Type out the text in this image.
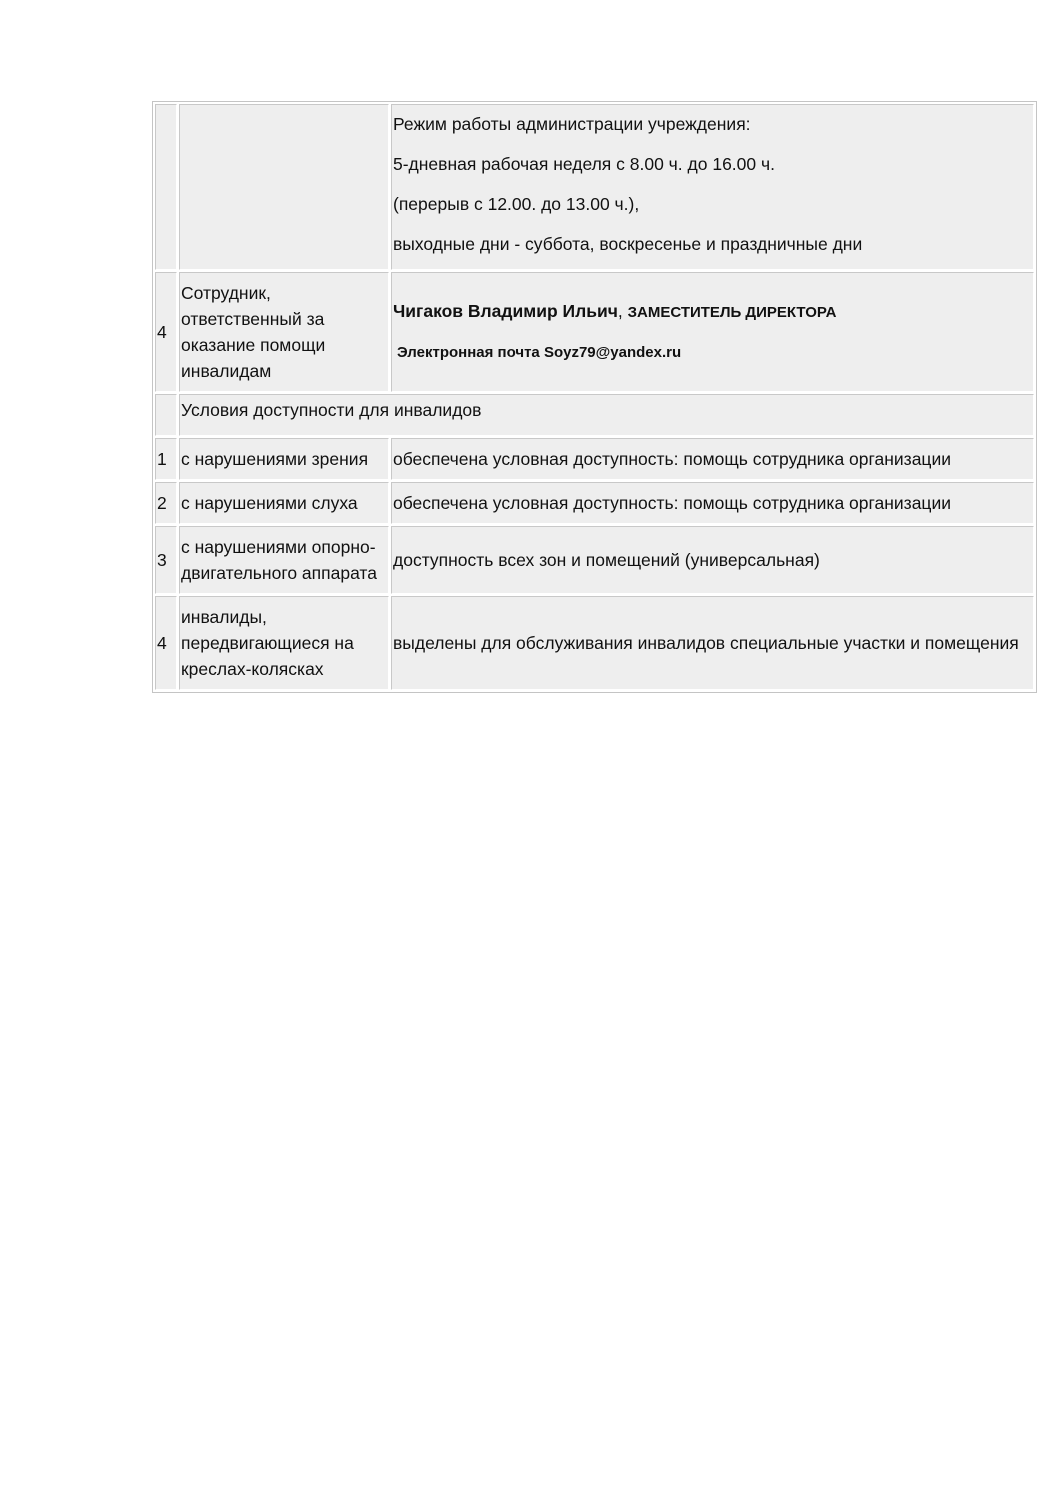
		Режим работы администрации учреждения:

5-дневная рабочая неделя с 8.00 ч. до 16.00 ч.

(перерыв с 12.00. до 13.00 ч.),

выходные дни - суббота, воскресенье и праздничные дни

4	Сотрудник, ответственный за оказание помощи инвалидам	Чигаков Владимир Ильич, ЗАМЕСТИТЕЛЬ ДИРЕКТОРА

Электронная почта Soyz79@yandex.ru

	Условия доступности для инвалидов	
1	с нарушениями зрения	обеспечена условная доступность: помощь сотрудника организации
2	с нарушениями слуха	обеспечена условная доступность: помощь сотрудника организации
3	с нарушениями опорно-двигательного аппарата	доступность всех зон и помещений (универсальная)
4	инвалиды, передвигающиеся на креслах-колясках	выделены для обслуживания инвалидов специальные участки и помещения
